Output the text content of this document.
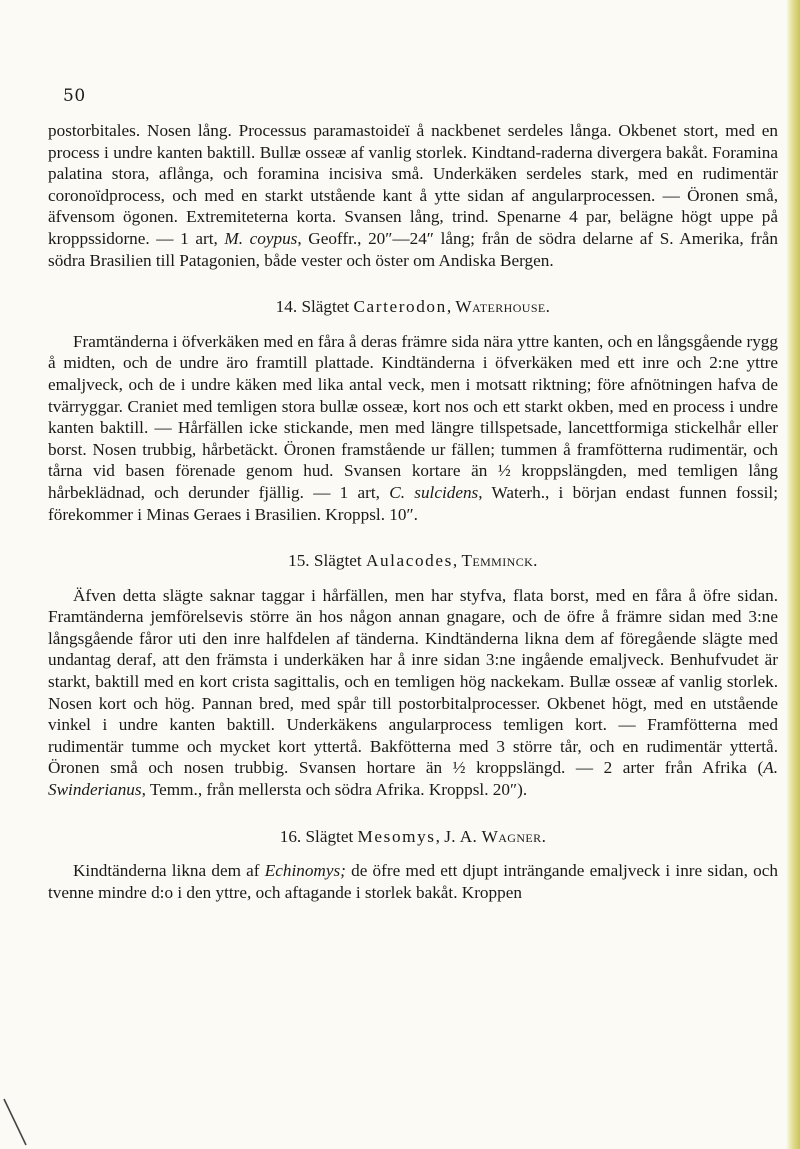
50

postorbitales. Nosen lång. Processus paramastoideï å nackbenet serdeles långa. Okbenet stort, med en process i undre kanten baktill. Bullæ osseæ af vanlig storlek. Kindtand-raderna divergera bakåt. Foramina palatina stora, aflånga, och foramina incisiva små. Underkäken serdeles stark, med en rudimentär coronoïdprocess, och med en starkt utstående kant å ytte sidan af angularprocessen. — Öronen små, äfvensom ögonen. Extremiteterna korta. Svansen lång, trind. Spenarne 4 par, belägne högt uppe på kroppssidorne. — 1 art, M. coypus, Geoffr., 20″—24″ lång; från de södra delarne af S. Amerika, från södra Brasilien till Patagonien, både vester och öster om Andiska Bergen.

14. Slägtet Carterodon, Waterhouse.

Framtänderna i öfverkäken med en fåra å deras främre sida nära yttre kanten, och en långsgående rygg å midten, och de undre äro framtill plattade. Kindtänderna i öfverkäken med ett inre och 2:ne yttre emaljveck, och de i undre käken med lika antal veck, men i motsatt riktning; före afnötningen hafva de tvärryggar. Craniet med temligen stora bullæ osseæ, kort nos och ett starkt okben, med en process i undre kanten baktill. — Hårfällen icke stickande, men med längre tillspetsade, lancettformiga stickelhår eller borst. Nosen trubbig, hårbetäckt. Öronen framstående ur fällen; tummen å framfötterna rudimentär, och tårna vid basen förenade genom hud. Svansen kortare än ½ kroppslängden, med temligen lång hårbeklädnad, och derunder fjällig. — 1 art, C. sulcidens, Waterh., i början endast funnen fossil; förekommer i Minas Geraes i Brasilien. Kroppsl. 10″.

15. Slägtet Aulacodes, Temminck.

Äfven detta slägte saknar taggar i hårfällen, men har styfva, flata borst, med en fåra å öfre sidan. Framtänderna jemförelsevis större än hos någon annan gnagare, och de öfre å främre sidan med 3:ne långsgående fåror uti den inre halfdelen af tänderna. Kindtänderna likna dem af föregående slägte med undantag deraf, att den främsta i underkäken har å inre sidan 3:ne ingående emaljveck. Benhufvudet är starkt, baktill med en kort crista sagittalis, och en temligen hög nackekam. Bullæ osseæ af vanlig storlek. Nosen kort och hög. Pannan bred, med spår till postorbitalprocesser. Okbenet högt, med en utstående vinkel i undre kanten baktill. Underkäkens angularprocess temligen kort. — Framfötterna med rudimentär tumme och mycket kort yttertå. Bakfötterna med 3 större tår, och en rudimentär yttertå. Öronen små och nosen trubbig. Svansen hortare än ½ kroppslängd. — 2 arter från Afrika (A. Swinderianus, Temm., från mellersta och södra Afrika. Kroppsl. 20″).

16. Slägtet Mesomys, J. A. Wagner.

Kindtänderna likna dem af Echinomys; de öfre med ett djupt inträngande emaljveck i inre sidan, och tvenne mindre d:o i den yttre, och aftagande i storlek bakåt. Kroppen
